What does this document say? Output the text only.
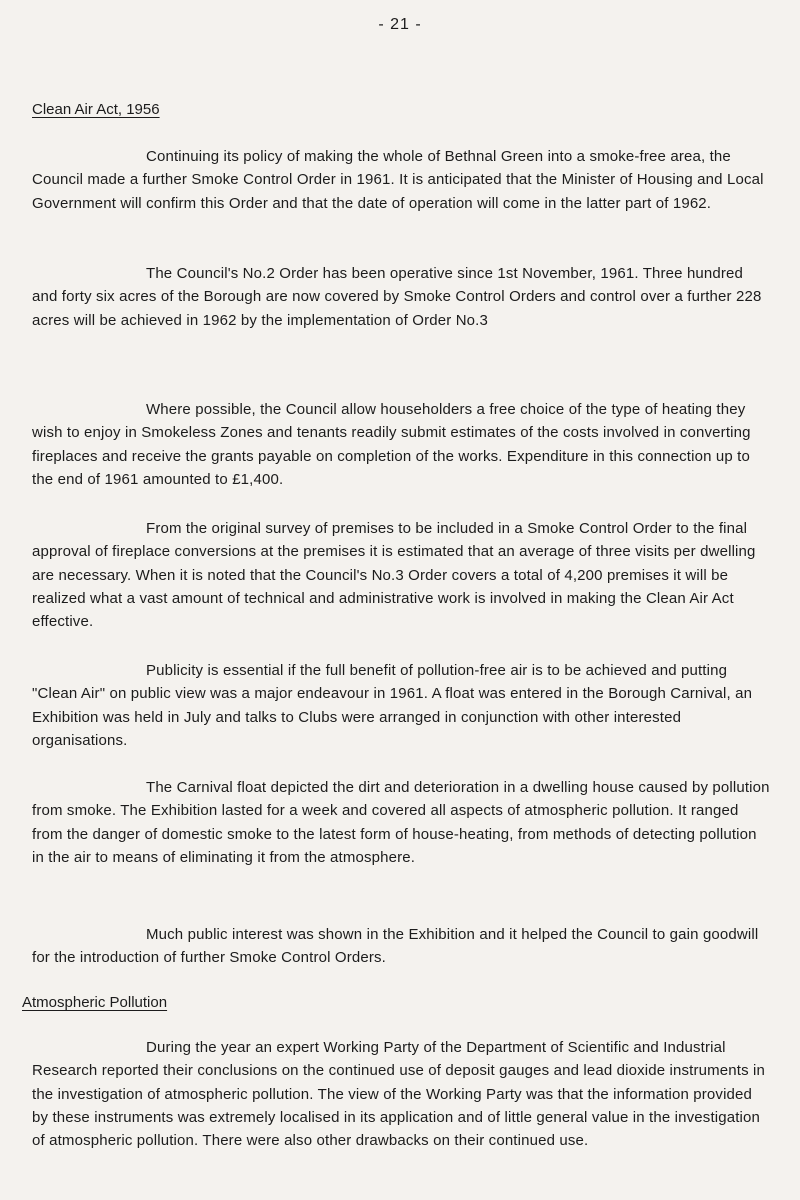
- 21 -
Clean Air Act, 1956

Continuing its policy of making the whole of Bethnal Green into a smoke-free area, the Council made a further Smoke Control Order in 1961. It is anticipated that the Minister of Housing and Local Government will confirm this Order and that the date of operation will come in the latter part of 1962.

The Council's No.2 Order has been operative since 1st November, 1961. Three hundred and forty six acres of the Borough are now covered by Smoke Control Orders and control over a further 228 acres will be achieved in 1962 by the implementation of Order No.3

Where possible, the Council allow householders a free choice of the type of heating they wish to enjoy in Smokeless Zones and tenants readily submit estimates of the costs involved in converting fireplaces and receive the grants payable on completion of the works. Expenditure in this connection up to the end of 1961 amounted to £1,400.

From the original survey of premises to be included in a Smoke Control Order to the final approval of fireplace conversions at the premises it is estimated that an average of three visits per dwelling are necessary. When it is noted that the Council's No.3 Order covers a total of 4,200 premises it will be realized what a vast amount of technical and administrative work is involved in making the Clean Air Act effective.

Publicity is essential if the full benefit of pollution-free air is to be achieved and putting "Clean Air" on public view was a major endeavour in 1961. A float was entered in the Borough Carnival, an Exhibition was held in July and talks to Clubs were arranged in conjunction with other interested organisations.

The Carnival float depicted the dirt and deterioration in a dwelling house caused by pollution from smoke. The Exhibition lasted for a week and covered all aspects of atmospheric pollution. It ranged from the danger of domestic smoke to the latest form of house-heating, from methods of detecting pollution in the air to means of eliminating it from the atmosphere.

Much public interest was shown in the Exhibition and it helped the Council to gain goodwill for the introduction of further Smoke Control Orders.

Atmospheric Pollution

During the year an expert Working Party of the Department of Scientific and Industrial Research reported their conclusions on the continued use of deposit gauges and lead dioxide instruments in the investigation of atmospheric pollution. The view of the Working Party was that the information provided by these instruments was extremely localised in its application and of little general value in the investigation of atmospheric pollution. There were also other drawbacks on their continued use.
